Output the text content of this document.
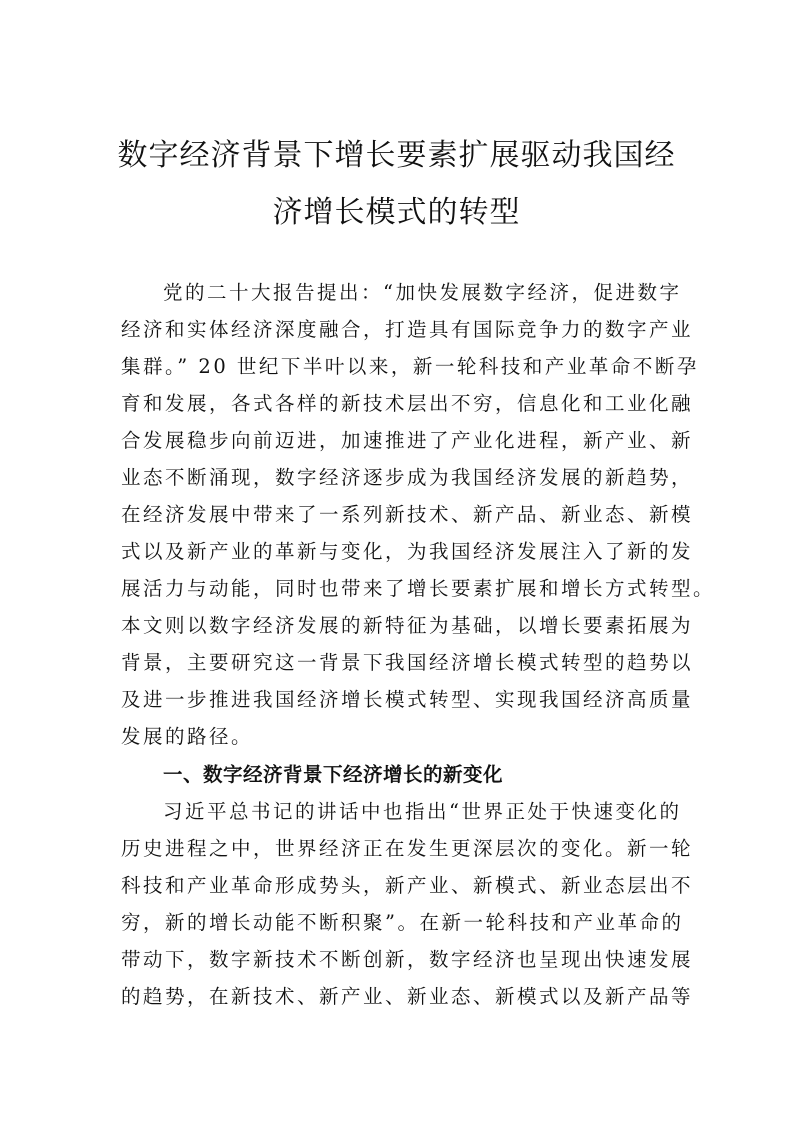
数字经济背景下增长要素扩展驱动我国经
济增长模式的转型
党的二十大报告提出：“加快发展数字经济，促进数字
经济和实体经济深度融合，打造具有国际竞争力的数字产业
集群。” 20 世纪下半叶以来，新一轮科技和产业革命不断孕
育和发展，各式各样的新技术层出不穷，信息化和工业化融
合发展稳步向前迈进，加速推进了产业化进程，新产业、新
业态不断涌现，数字经济逐步成为我国经济发展的新趋势，
在经济发展中带来了一系列新技术、新产品、新业态、新模
式以及新产业的革新与变化，为我国经济发展注入了新的发
展活力与动能，同时也带来了增长要素扩展和增长方式转型。
本文则以数字经济发展的新特征为基础，以增长要素拓展为
背景，主要研究这一背景下我国经济增长模式转型的趋势以
及进一步推进我国经济增长模式转型、实现我国经济高质量
发展的路径。
一、数字经济背景下经济增长的新变化
习近平总书记的讲话中也指出“世界正处于快速变化的
历史进程之中，世界经济正在发生更深层次的变化。新一轮
科技和产业革命形成势头，新产业、新模式、新业态层出不
穷，新的增长动能不断积聚”。在新一轮科技和产业革命的
带动下，数字新技术不断创新，数字经济也呈现出快速发展
的趋势，在新技术、新产业、新业态、新模式以及新产品等
